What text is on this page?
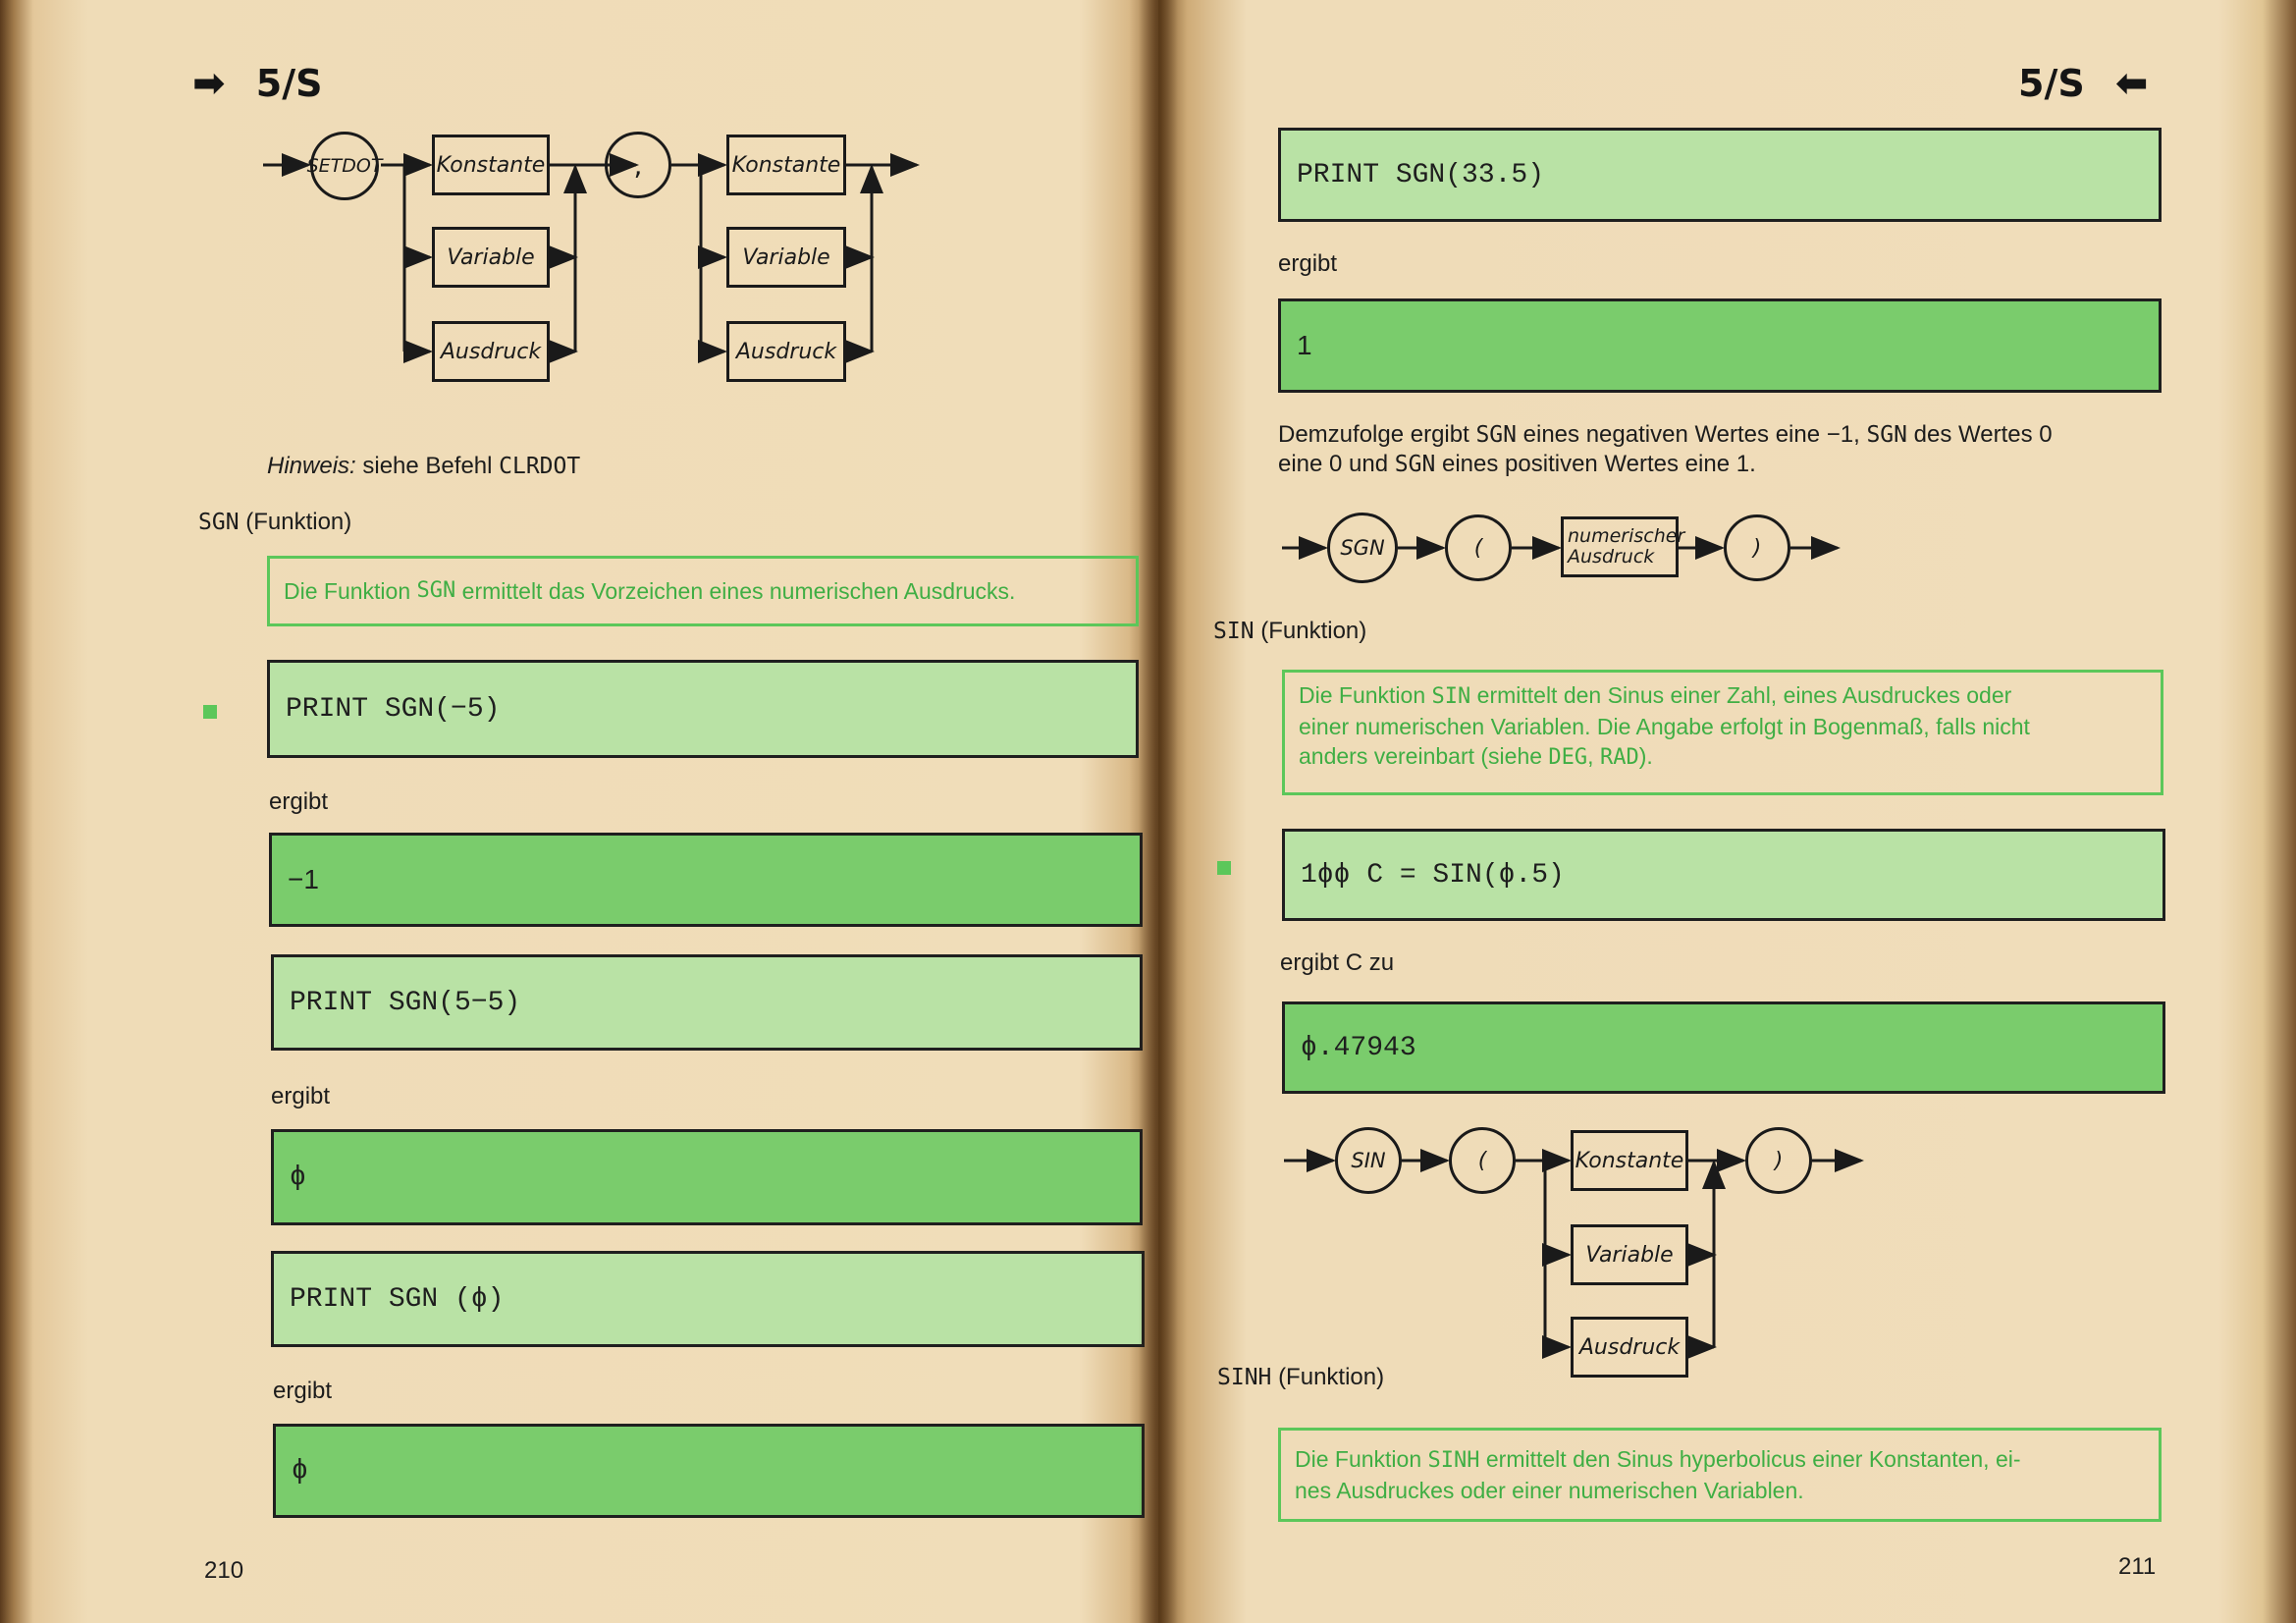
➡ 5/S
SETDOT	Konstante
Variable
Ausdruck
,	Konstante
Variable
Ausdruck
Hinweis: siehe Befehl CLRDOT
SGN (Funktion)
Die Funktion
SGN
ermittelt das Vorzeichen eines numerischen Ausdrucks.
PRINT SGN(−5)
ergibt
−1
PRINT SGN(5−5)
ergibt
ϕ
PRINT SGN (ϕ)
ergibt
ϕ
210
5/S ⬅
PRINT SGN(33.5)
ergibt
1
Demzufolge ergibt SGN eines negativen Wertes eine −1, SGN des Wertes 0
eine 0 und SGN eines positiven Wertes eine 1.
SGN	(	numerischer
Ausdruck	)
SIN (Funktion)
Die Funktion SIN ermittelt den Sinus einer Zahl, eines Ausdruckes oder
einer numerischen Variablen. Die Angabe erfolgt in Bogenmaß, falls nicht
anders vereinbart (siehe DEG, RAD).
1ϕϕ C = SIN(ϕ.5)
ergibt C zu
ϕ.47943
SIN	(	Konstante
Variable
Ausdruck
)
SINH (Funktion)
Die Funktion SINH ermittelt den Sinus hyperbolicus einer Konstanten, ei-
nes Ausdruckes oder einer numerischen Variablen.
211
